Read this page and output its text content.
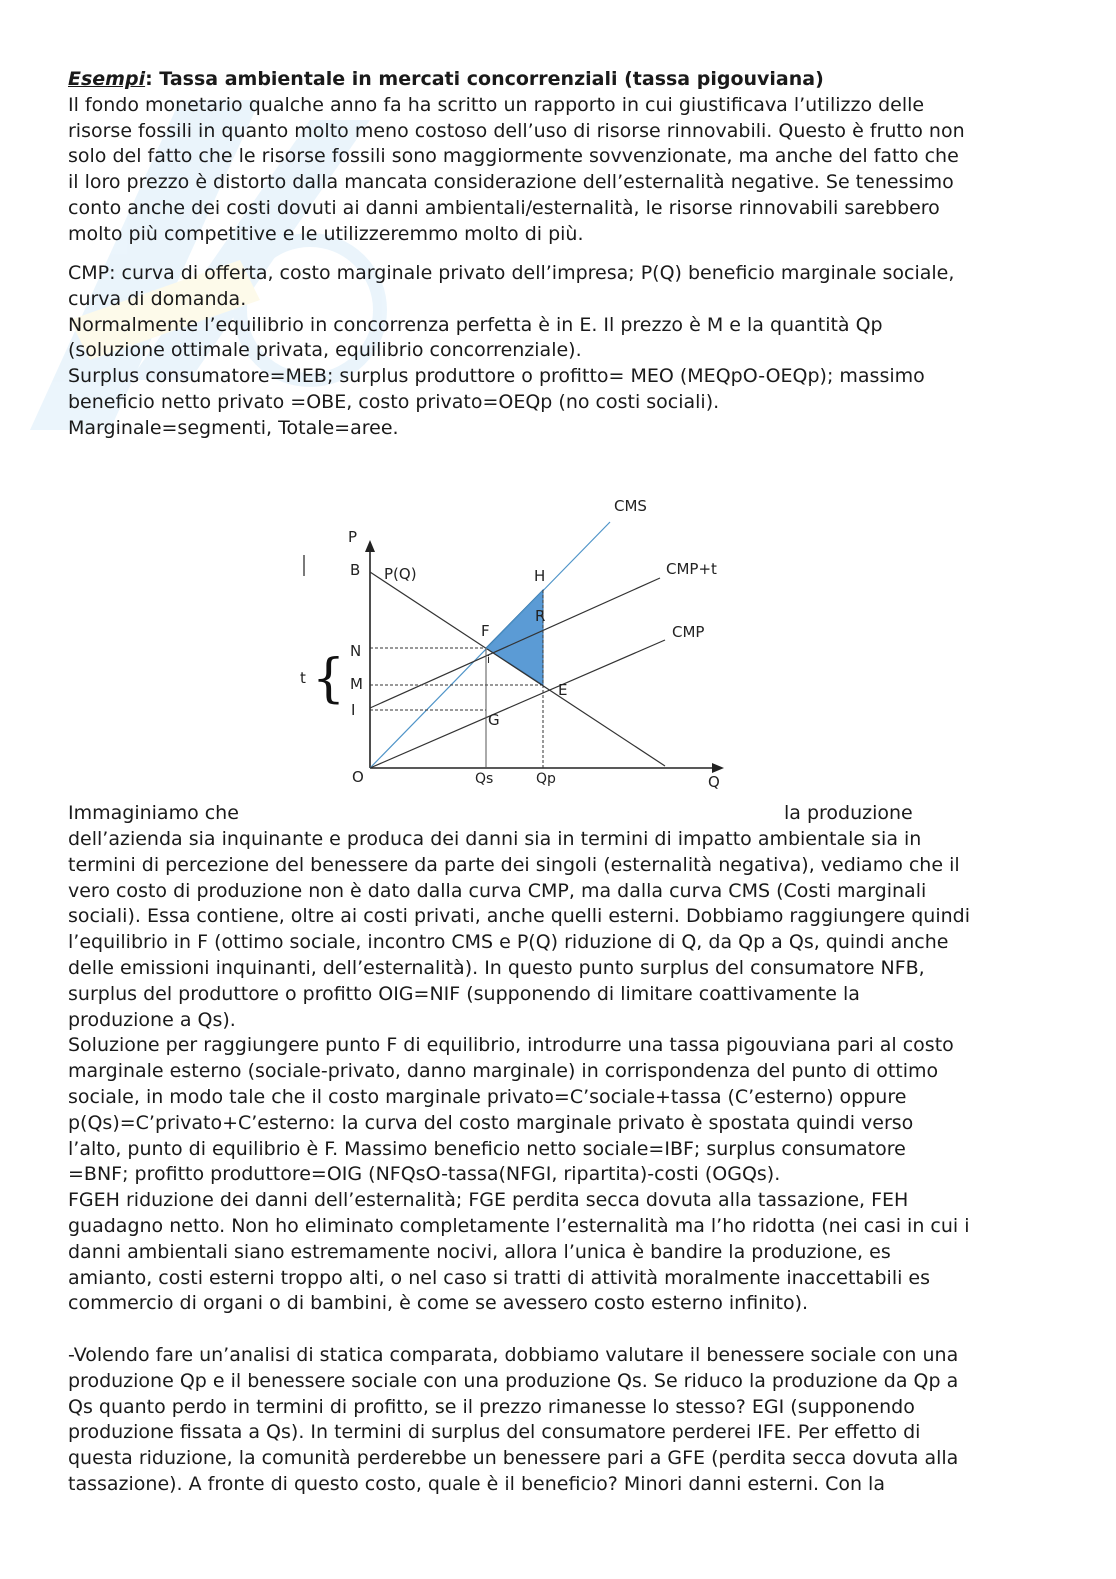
Esempi: Tassa ambientale in mercati concorrenziali (tassa pigouviana)

Il fondo monetario qualche anno fa ha scritto un rapporto in cui giustificava l’utilizzo delle

risorse fossili in quanto molto meno costoso dell’uso di risorse rinnovabili. Questo è frutto non

solo del fatto che le risorse fossili sono maggiormente sovvenzionate, ma anche del fatto che

il loro prezzo è distorto dalla mancata considerazione dell’esternalità negative. Se tenessimo

conto anche dei costi dovuti ai danni ambientali/esternalità, le risorse rinnovabili sarebbero

molto più competitive e le utilizzeremmo molto di più.

CMP: curva di offerta, costo marginale privato dell’impresa; P(Q) beneficio marginale sociale,

curva di domanda.

Normalmente l’equilibrio in concorrenza perfetta è in E. Il prezzo è M e la quantità Qp

(soluzione ottimale privata, equilibrio concorrenziale).

Surplus consumatore=MEB; surplus produttore o profitto= MEO (MEQpO-OEQp); massimo

beneficio netto privato =OBE, costo privato=OEQp (no costi sociali).

Marginale=segmenti, Totale=aree.

P
Q
O
B P(Q)
CMS
CMP+t
CMP
N
M
I
t {
F
H
R
E
G
i
Qs	Qp
Immaginiamo che	la produzione

dell’azienda sia inquinante e produca dei danni sia in termini di impatto ambientale sia in

termini di percezione del benessere da parte dei singoli (esternalità negativa), vediamo che il

vero costo di produzione non è dato dalla curva CMP, ma dalla curva CMS (Costi marginali

sociali). Essa contiene, oltre ai costi privati, anche quelli esterni. Dobbiamo raggiungere quindi

l’equilibrio in F (ottimo sociale, incontro CMS e P(Q) riduzione di Q, da Qp a Qs, quindi anche

delle emissioni inquinanti, dell’esternalità). In questo punto surplus del consumatore NFB,

surplus del produttore o profitto OIG=NIF (supponendo di limitare coattivamente la

produzione a Qs).

Soluzione per raggiungere punto F di equilibrio, introdurre una tassa pigouviana pari al costo

marginale esterno (sociale-privato, danno marginale) in corrispondenza del punto di ottimo

sociale, in modo tale che il costo marginale privato=C’sociale+tassa (C’esterno) oppure

p(Qs)=C’privato+C’esterno: la curva del costo marginale privato è spostata quindi verso

l’alto, punto di equilibrio è F. Massimo beneficio netto sociale=IBF; surplus consumatore

=BNF; profitto produttore=OIG (NFQsO-tassa(NFGI, ripartita)-costi (OGQs).

FGEH riduzione dei danni dell’esternalità; FGE perdita secca dovuta alla tassazione, FEH

guadagno netto. Non ho eliminato completamente l’esternalità ma l’ho ridotta (nei casi in cui i

danni ambientali siano estremamente nocivi, allora l’unica è bandire la produzione, es

amianto, costi esterni troppo alti, o nel caso si tratti di attività moralmente inaccettabili es

commercio di organi o di bambini, è come se avessero costo esterno infinito).

-Volendo fare un’analisi di statica comparata, dobbiamo valutare il benessere sociale con una

produzione Qp e il benessere sociale con una produzione Qs. Se riduco la produzione da Qp a

Qs quanto perdo in termini di profitto, se il prezzo rimanesse lo stesso? EGI (supponendo

produzione fissata a Qs). In termini di surplus del consumatore perderei IFE. Per effetto di

questa riduzione, la comunità perderebbe un benessere pari a GFE (perdita secca dovuta alla

tassazione). A fronte di questo costo, quale è il beneficio? Minori danni esterni. Con la
